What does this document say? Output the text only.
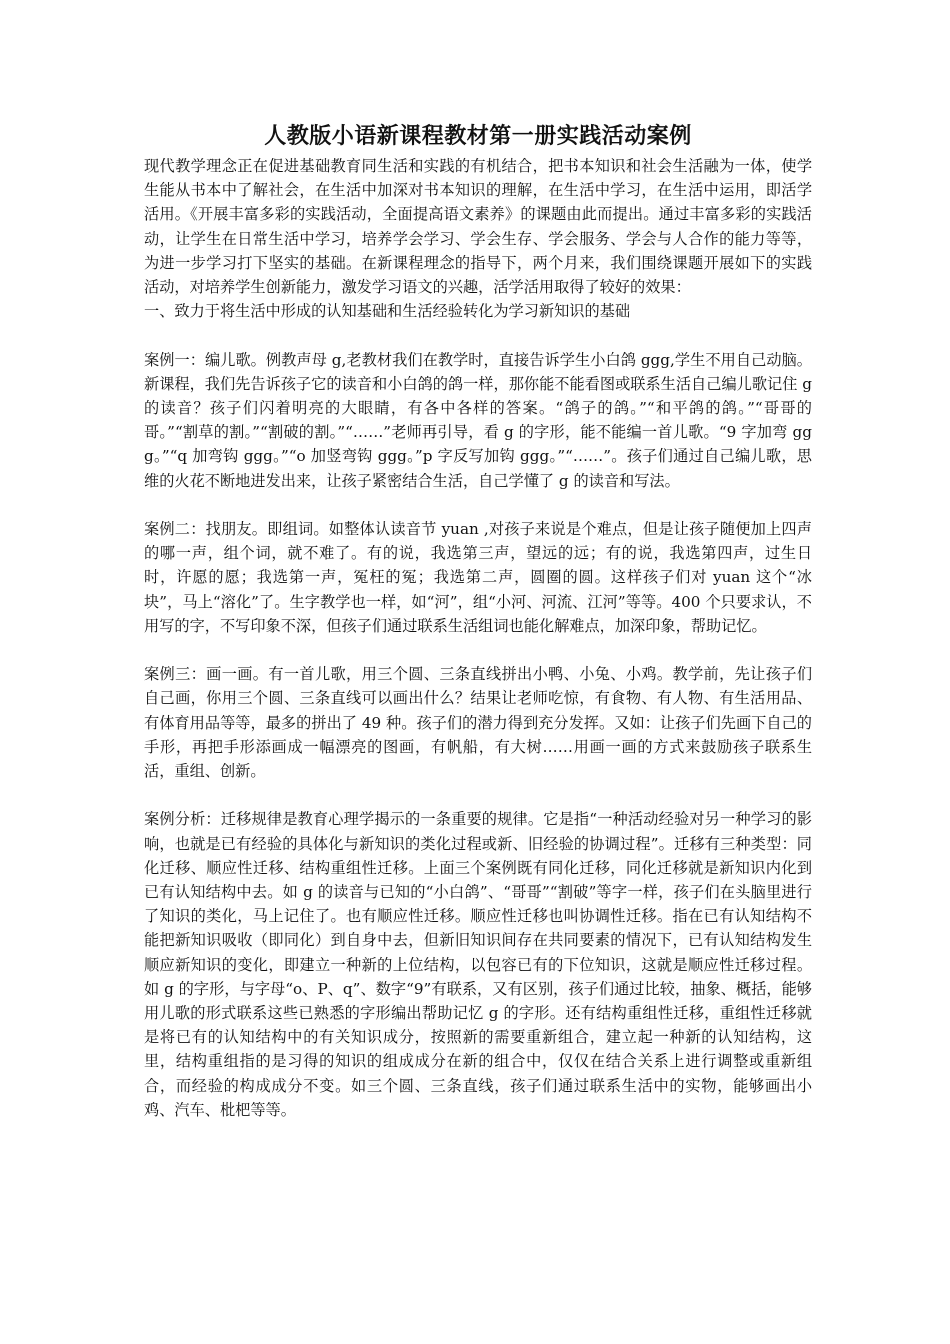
人教版小语新课程教材第一册实践活动案例

现代教学理念正在促进基础教育同生活和实践的有机结合，把书本知识和社会生活融为一体，使学生能从书本中了解社会，在生活中加深对书本知识的理解，在生活中学习，在生活中运用，即活学活用。《开展丰富多彩的实践活动，全面提高语文素养》的课题由此而提出。通过丰富多彩的实践活动，让学生在日常生活中学习，培养学会学习、学会生存、学会服务、学会与人合作的能力等等，为进一步学习打下坚实的基础。在新课程理念的指导下，两个月来，我们围绕课题开展如下的实践活动，对培养学生创新能力，激发学习语文的兴趣，活学活用取得了较好的效果：

一、致力于将生活中形成的认知基础和生活经验转化为学习新知识的基础

案例一：编儿歌。例教声母 g,老教材我们在教学时，直接告诉学生小白鸽 ggg,学生不用自己动脑。新课程，我们先告诉孩子它的读音和小白鸽的鸽一样，那你能不能看图或联系生活自己编儿歌记住 g 的读音？孩子们闪着明亮的大眼睛，有各中各样的答案。“鸽子的鸽。”“和平鸽的鸽。”“哥哥的哥。”“割草的割。”“割破的割。”“……”老师再引导，看 g 的字形，能不能编一首儿歌。“9 字加弯 ggg。”“q 加弯钩 ggg。”“o 加竖弯钩 ggg。”p 字反写加钩 ggg。”“……”。孩子们通过自己编儿歌，思维的火花不断地进发出来，让孩子紧密结合生活，自己学懂了 g 的读音和写法。

案例二：找朋友。即组词。如整体认读音节 yuan ,对孩子来说是个难点，但是让孩子随便加上四声的哪一声，组个词，就不难了。有的说，我选第三声，望远的远；有的说，我选第四声，过生日时，许愿的愿；我选第一声，冤枉的冤；我选第二声，圆圈的圆。这样孩子们对 yuan 这个“冰块”，马上“溶化”了。生字教学也一样，如“河”，组“小河、河流、江河”等等。400 个只要求认，不用写的字，不写印象不深，但孩子们通过联系生活组词也能化解难点，加深印象，帮助记忆。

案例三：画一画。有一首儿歌，用三个圆、三条直线拼出小鸭、小兔、小鸡。教学前，先让孩子们自己画，你用三个圆、三条直线可以画出什么？结果让老师吃惊，有食物、有人物、有生活用品、有体育用品等等，最多的拼出了 49 种。孩子们的潜力得到充分发挥。又如：让孩子们先画下自己的手形，再把手形添画成一幅漂亮的图画，有帆船，有大树……用画一画的方式来鼓励孩子联系生活，重组、创新。

案例分析：迁移规律是教育心理学揭示的一条重要的规律。它是指“一种活动经验对另一种学习的影响，也就是已有经验的具体化与新知识的类化过程或新、旧经验的协调过程”。迁移有三种类型：同化迁移、顺应性迁移、结构重组性迁移。上面三个案例既有同化迁移，同化迁移就是新知识内化到已有认知结构中去。如 g 的读音与已知的“小白鸽”、“哥哥”“割破”等字一样，孩子们在头脑里进行了知识的类化，马上记住了。也有顺应性迁移。顺应性迁移也叫协调性迁移。指在已有认知结构不能把新知识吸收（即同化）到自身中去，但新旧知识间存在共同要素的情况下，已有认知结构发生顺应新知识的变化，即建立一种新的上位结构，以包容已有的下位知识，这就是顺应性迁移过程。如 g 的字形，与字母“o、P、q”、数字“9”有联系，又有区别，孩子们通过比较，抽象、概括，能够用儿歌的形式联系这些已熟悉的字形编出帮助记忆 g 的字形。还有结构重组性迁移，重组性迁移就是将已有的认知结构中的有关知识成分，按照新的需要重新组合，建立起一种新的认知结构，这里，结构重组指的是习得的知识的组成成分在新的组合中，仅仅在结合关系上进行调整或重新组合，而经验的构成成分不变。如三个圆、三条直线，孩子们通过联系生活中的实物，能够画出小鸡、汽车、枇杷等等。
